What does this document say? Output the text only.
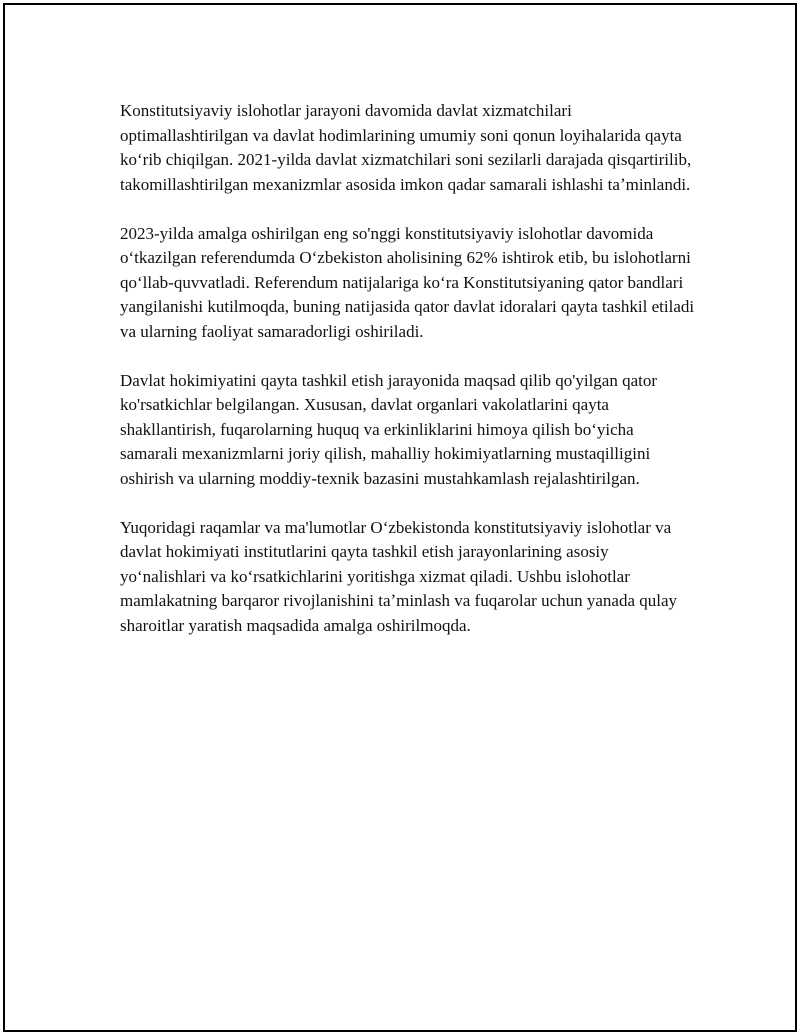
Konstitutsiyaviy islohotlar jarayoni davomida davlat xizmatchilari optimallashtirilgan va davlat hodimlarining umumiy soni qonun loyihalarida qayta koʻrib chiqilgan. 2021-yilda davlat xizmatchilari soni sezilarli darajada qisqartirilib, takomillashtirilgan mexanizmlar asosida imkon qadar samarali ishlashi taʼminlandi.

2023-yilda amalga oshirilgan eng so'nggi konstitutsiyaviy islohotlar davomida oʻtkazilgan referendumda Oʻzbekiston aholisining 62% ishtirok etib, bu islohotlarni qoʻllab-quvvatladi. Referendum natijalariga koʻra Konstitutsiyaning qator bandlari yangilanishi kutilmoqda, buning natijasida qator davlat idoralari qayta tashkil etiladi va ularning faoliyat samaradorligi oshiriladi.

Davlat hokimiyatini qayta tashkil etish jarayonida maqsad qilib qo'yilgan qator ko'rsatkichlar belgilangan. Xususan, davlat organlari vakolatlarini qayta shakllantirish, fuqarolarning huquq va erkinliklarini himoya qilish boʻyicha samarali mexanizmlarni joriy qilish, mahalliy hokimiyatlarning mustaqilligini oshirish va ularning moddiy-texnik bazasini mustahkamlash rejalashtirilgan.

Yuqoridagi raqamlar va ma'lumotlar Oʻzbekistonda konstitutsiyaviy islohotlar va davlat hokimiyati institutlarini qayta tashkil etish jarayonlarining asosiy yoʻnalishlari va koʻrsatkichlarini yoritishga xizmat qiladi. Ushbu islohotlar mamlakatning barqaror rivojlanishini taʼminlash va fuqarolar uchun yanada qulay sharoitlar yaratish maqsadida amalga oshirilmoqda.
